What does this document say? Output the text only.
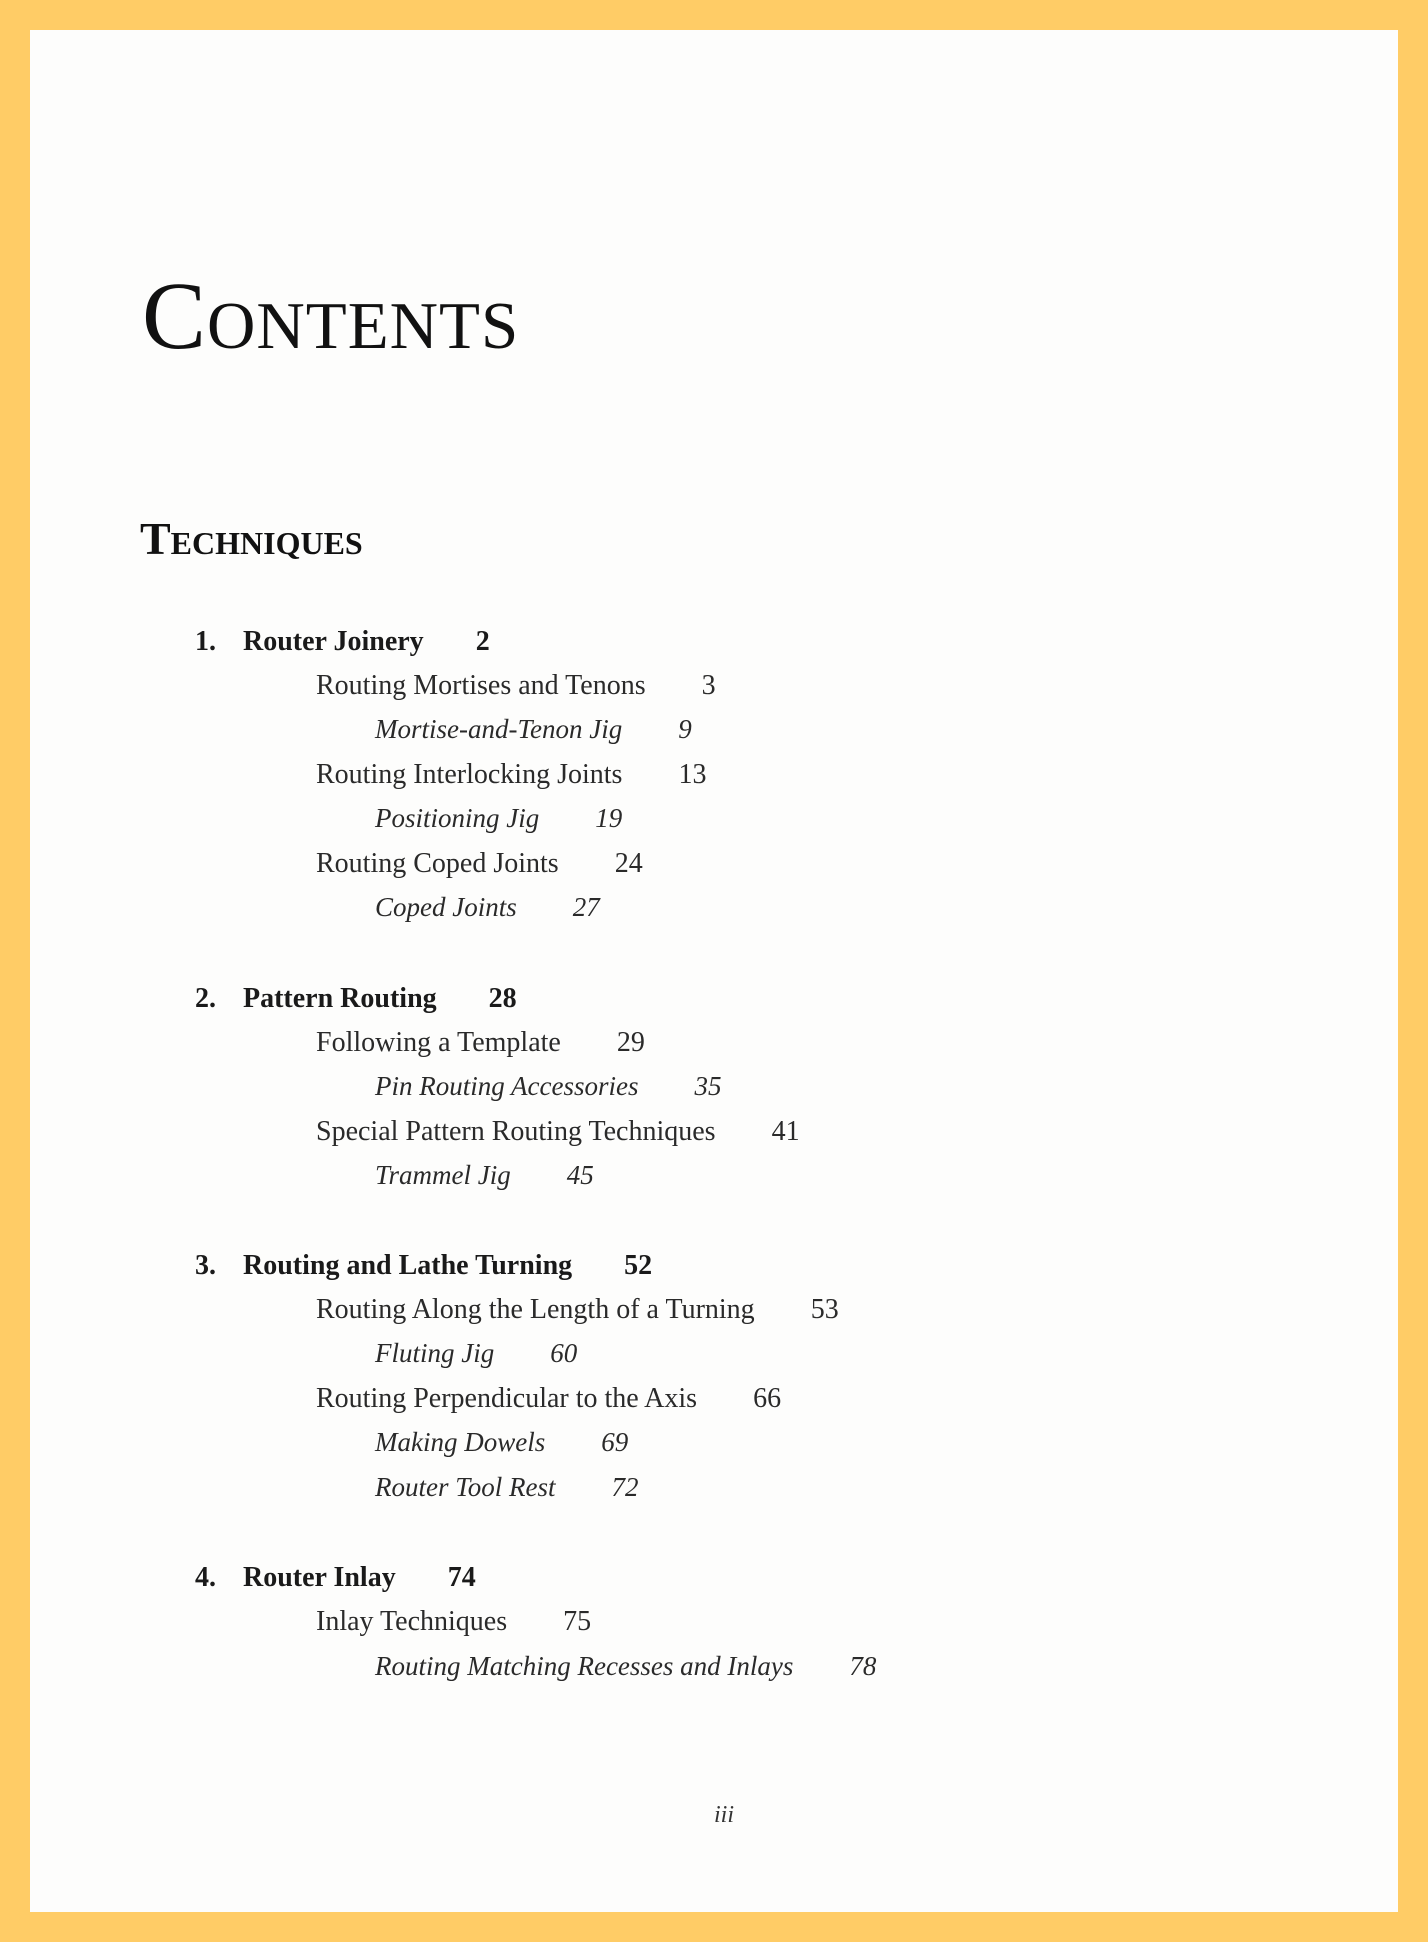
Contents
Techniques
1. Router Joinery 2
Routing Mortises and Tenons 3
Mortise-and-Tenon Jig 9
Routing Interlocking Joints 13
Positioning Jig 19
Routing Coped Joints 24
Coped Joints 27
2. Pattern Routing 28
Following a Template 29
Pin Routing Accessories 35
Special Pattern Routing Techniques 41
Trammel Jig 45
3. Routing and Lathe Turning 52
Routing Along the Length of a Turning 53
Fluting Jig 60
Routing Perpendicular to the Axis 66
Making Dowels 69
Router Tool Rest 72
4. Router Inlay 74
Inlay Techniques 75
Routing Matching Recesses and Inlays 78
iii
